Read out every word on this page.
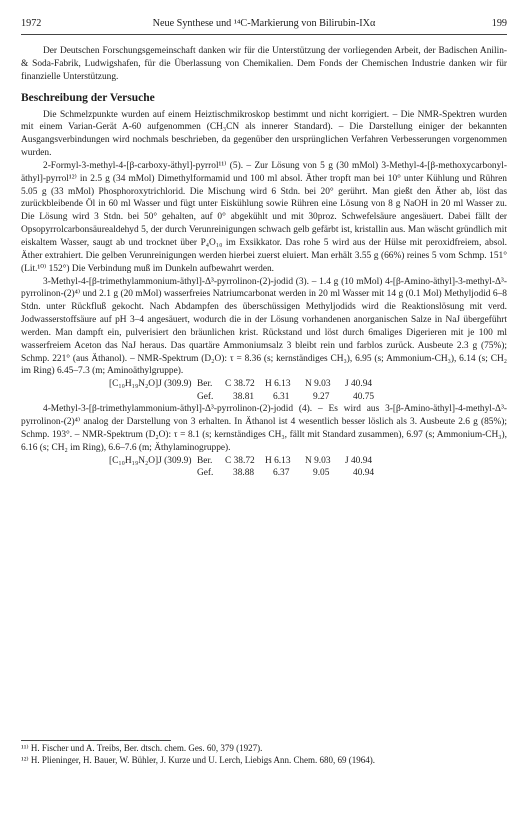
1972	Neue Synthese und ¹⁴C-Markierung von Bilirubin-IXα	199

Der Deutschen Forschungsgemeinschaft danken wir für die Unterstützung der vorliegenden Arbeit, der Badischen Anilin- & Soda-Fabrik, Ludwigshafen, für die Überlassung von Chemikalien. Dem Fonds der Chemischen Industrie danken wir für finanzielle Unterstützung.

Beschreibung der Versuche

Die Schmelzpunkte wurden auf einem Heiztischmikroskop bestimmt und nicht korrigiert. – Die NMR-Spektren wurden mit einem Varian-Gerät A-60 aufgenommen (CH₃CN als innerer Standard). – Die Darstellung einiger der bekannten Ausgangsverbindungen wird nochmals beschrieben, da gegenüber den ursprünglichen Verfahren Verbesserungen vorgenommen wurden.

2-Formyl-3-methyl-4-[β-carboxy-äthyl]-pyrrol¹¹⁾ (5). – Zur Lösung von 5 g (30 mMol) 3-Methyl-4-[β-methoxycarbonyl-äthyl]-pyrrol¹²⁾ in 2.5 g (34 mMol) Dimethylformamid und 100 ml absol. Äther tropft man bei 10° unter Kühlung und Rühren 5.05 g (33 mMol) Phosphoroxytrichlorid. Die Mischung wird 6 Stdn. bei 20° gerührt. Man gießt den Äther ab, löst das zurückbleibende Öl in 60 ml Wasser und fügt unter Eiskühlung sowie Rühren eine Lösung von 8 g NaOH in 20 ml Wasser zu. Die Lösung wird 3 Stdn. bei 50° gehalten, auf 0° abgekühlt und mit 30proz. Schwefelsäure angesäuert. Dabei fällt der Opsopyrrolcarbonsäurealdehyd 5, der durch Verunreinigungen schwach gelb gefärbt ist, kristallin aus. Man wäscht gründlich mit eiskaltem Wasser, saugt ab und trocknet über P₄O₁₀ im Exsikkator. Das rohe 5 wird aus der Hülse mit peroxidfreiem, absol. Äther extrahiert. Die gelben Verunreinigungen werden hierbei zuerst eluiert. Man erhält 3.55 g (66%) reines 5 vom Schmp. 151° (Lit.¹⁰⁾ 152°) Die Verbindung muß im Dunkeln aufbewahrt werden.

3-Methyl-4-[β-trimethylammonium-äthyl]-Δ³-pyrrolinon-(2)-jodid (3). – 1.4 g (10 mMol) 4-[β-Amino-äthyl]-3-methyl-Δ³-pyrrolinon-(2)⁴⁾ und 2.1 g (20 mMol) wasserfreies Natriumcarbonat werden in 20 ml Wasser mit 14 g (0.1 Mol) Methyljodid 6–8 Stdn. unter Rückfluß gekocht. Nach Abdampfen des überschüssigen Methyljodids wird die Reaktionslösung mit verd. Jodwasserstoffsäure auf pH 3–4 angesäuert, wodurch die in der Lösung vorhandenen anorganischen Salze in NaJ übergeführt werden. Man dampft ein, pulverisiert den bräunlichen krist. Rückstand und löst durch 6maliges Digerieren mit je 100 ml wasserfreiem Aceton das NaJ heraus. Das quartäre Ammoniumsalz 3 bleibt rein und farblos zurück. Ausbeute 2.3 g (75%); Schmp. 221° (aus Äthanol). – NMR-Spektrum (D₂O): τ = 8.36 (s; kernständiges CH₃), 6.95 (s; Ammonium-CH₃), 6.14 (s; CH₂ im Ring) 6.45–7.3 (m; Aminoäthylgruppe).

[C₁₀H₁₉N₂O]J (309.9) Ber.	C 38.72	H 6.13	N 9.03	J 40.94
Gef.	38.81	6.31	9.27	40.75

4-Methyl-3-[β-trimethylammonium-äthyl]-Δ³-pyrrolinon-(2)-jodid (4). – Es wird aus 3-[β-Amino-äthyl]-4-methyl-Δ³-pyrrolinon-(2)⁴⁾ analog der Darstellung von 3 erhalten. In Äthanol ist 4 wesentlich besser löslich als 3. Ausbeute 2.6 g (85%); Schmp. 193°. – NMR-Spektrum (D₂O): τ = 8.1 (s; kernständiges CH₃, fällt mit Standard zusammen), 6.97 (s; Ammonium-CH₃), 6.16 (s; CH₂ im Ring), 6.6–7.6 (m; Äthylaminogruppe).

[C₁₀H₁₉N₂O]J (309.9) Ber.	C 38.72	H 6.13	N 9.03	J 40.94
Gef.	38.88	6.37	9.05	40.94

¹¹⁾ H. Fischer und A. Treibs, Ber. dtsch. chem. Ges. 60, 379 (1927).

¹²⁾ H. Plieninger, H. Bauer, W. Bühler, J. Kurze und U. Lerch, Liebigs Ann. Chem. 680, 69 (1964).
